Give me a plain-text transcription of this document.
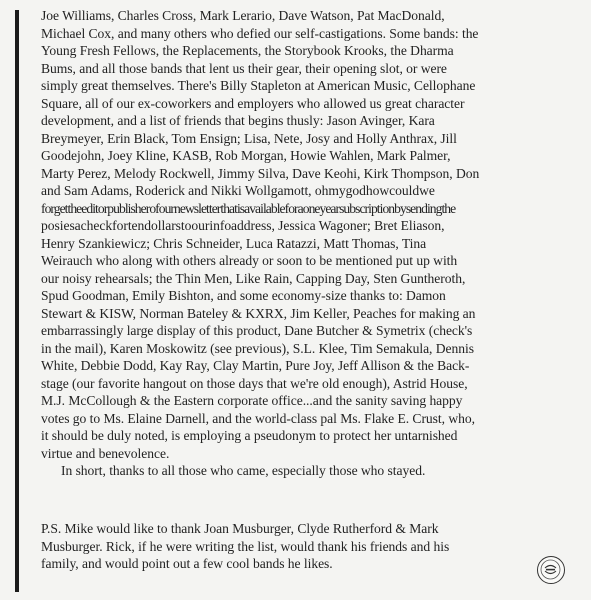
Joe Williams, Charles Cross, Mark Lerario, Dave Watson, Pat MacDonald,
Michael Cox, and many others who defied our self-castigations. Some bands: the
Young Fresh Fellows, the Replacements, the Storybook Krooks, the Dharma
Bums, and all those bands that lent us their gear, their opening slot, or were
simply great themselves. There's Billy Stapleton at American Music, Cellophane
Square, all of our ex-coworkers and employers who allowed us great character
development, and a list of friends that begins thusly: Jason Avinger, Kara
Breymeyer, Erin Black, Tom Ensign; Lisa, Nete, Josy and Holly Anthrax, Jill
Goodejohn, Joey Kline, KASB, Rob Morgan, Howie Wahlen, Mark Palmer,
Marty Perez, Melody Rockwell, Jimmy Silva, Dave Keohi, Kirk Thompson, Don
and Sam Adams, Roderick and Nikki Wollgamott, ohmygodhowcouldwe
forgettheeditorpublisherofournewsletterthatisavailableforaoneyearsubscriptionbysendingthe
posiesacheckfortendollarstoourinfoaddress, Jessica Wagoner; Bret Eliason,
Henry Szankiewicz; Chris Schneider, Luca Ratazzi, Matt Thomas, Tina
Weirauch who along with others already or soon to be mentioned put up with
our noisy rehearsals; the Thin Men, Like Rain, Capping Day, Sten Guntheroth,
Spud Goodman, Emily Bishton, and some economy-size thanks to: Damon
Stewart & KISW, Norman Bateley & KXRX, Jim Keller, Peaches for making an
embarrassingly large display of this product, Dane Butcher & Symetrix (check's
in the mail), Karen Moskowitz (see previous), S.L. Klee, Tim Semakula, Dennis
White, Debbie Dodd, Kay Ray, Clay Martin, Pure Joy, Jeff Allison & the Back-
stage (our favorite hangout on those days that we're old enough), Astrid House,
M.J. McCollough & the Eastern corporate office...and the sanity saving happy
votes go to Ms. Elaine Darnell, and the world-class pal Ms. Flake E. Crust, who,
it should be duly noted, is employing a pseudonym to protect her untarnished
virtue and benevolence.
In short, thanks to all those who came, especially those who stayed.
P.S. Mike would like to thank Joan Musburger, Clyde Rutherford & Mark
Musburger. Rick, if he were writing the list, would thank his friends and his
family, and would point out a few cool bands he likes.
